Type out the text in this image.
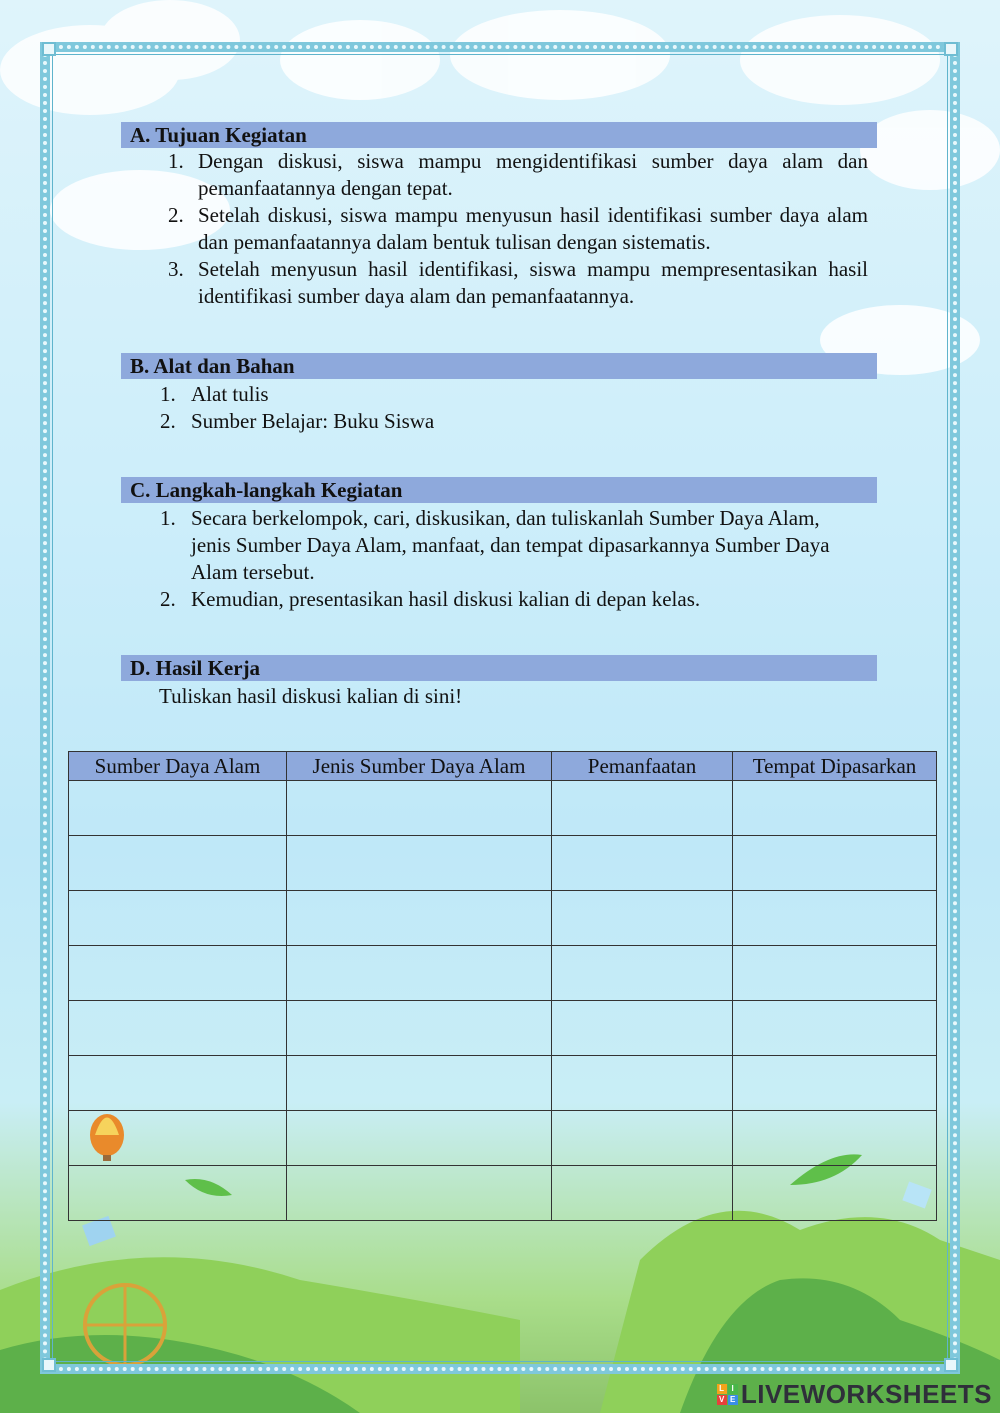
A. Tujuan Kegiatan
1. Dengan diskusi, siswa mampu mengidentifikasi sumber daya alam dan pemanfaatannya dengan tepat.
2. Setelah diskusi, siswa mampu menyusun hasil identifikasi sumber daya alam dan pemanfaatannya dalam bentuk tulisan dengan sistematis.
3. Setelah menyusun hasil identifikasi, siswa mampu mempresentasikan hasil identifikasi sumber daya alam dan pemanfaatannya.
B. Alat dan Bahan
1. Alat tulis
2. Sumber Belajar: Buku Siswa
C. Langkah-langkah Kegiatan
1. Secara berkelompok, cari, diskusikan, dan tuliskanlah Sumber Daya Alam, jenis Sumber Daya Alam, manfaat, dan tempat dipasarkannya Sumber Daya Alam tersebut.
2. Kemudian, presentasikan hasil diskusi kalian di depan kelas.
D. Hasil Kerja
Tuliskan hasil diskusi kalian di sini!
Sumber Daya Alam	Jenis Sumber Daya Alam	Pemanfaatan	Tempat Dipasarkan

L I
V E LIVEWORKSHEETS
